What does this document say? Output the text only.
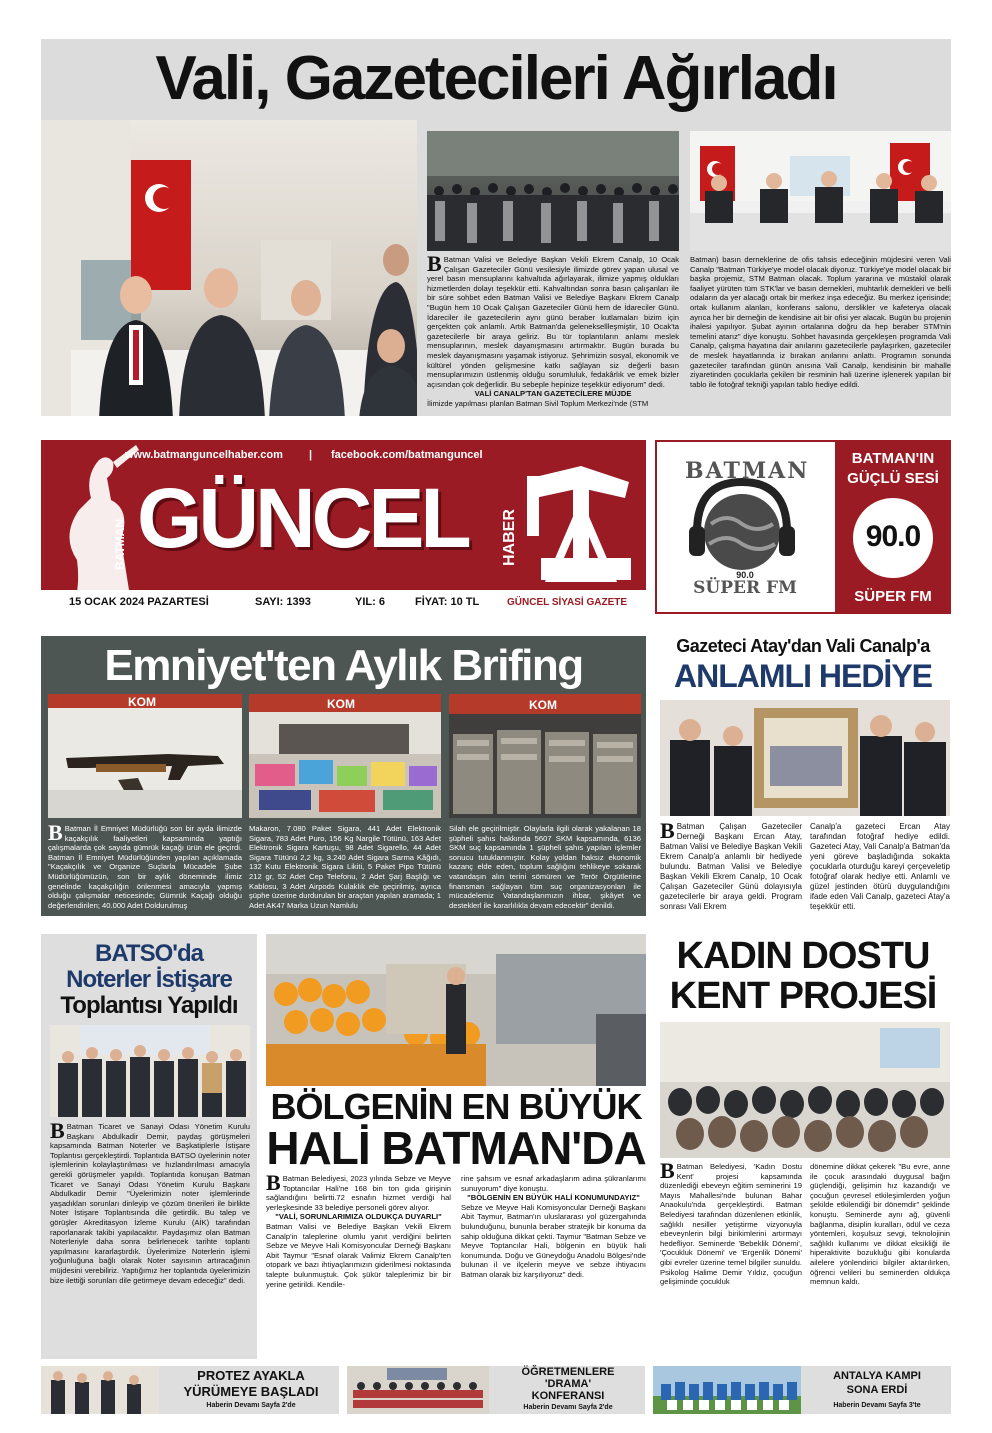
Vali, Gazetecileri Ağırladı
B Batman Valisi ve Belediye Başkan Vekili Ekrem Canalp, 10 Ocak Çalışan Gazeteciler Günü vesilesiyle ilimizde görev yapan ulusal ve yerel basın mensuplarını kahvaltıda ağırlayarak, ilimize yapmış oldukları hizmetlerden dolayı teşekkür etti. Kahvaltından sonra basın çalışanları ile bir süre sohbet eden Batman Valisi ve Belediye Başkanı Ekrem Canalp "Bugün hem 10 Ocak Çalışan Gazeteciler Günü hem de İdareciler Günü. İdareciler ile gazetecilerin aynı günü beraber kutlamaları bizim için gerçekten çok anlamlı. Artık Batman'da geleneksellleşmiştir, 10 Ocak'ta gazetecilerle bir araya geliriz. Bu tür toplantıların anlamı meslek mensuplarının, meslek dayanışmasını artırmaktır. Bugün burada bu meslek dayanışmasını yaşamak istiyoruz. Şehrimizin sosyal, ekonomik ve kültürel yönden gelişmesine katkı sağlayan siz değerli basın mensuplarımızın üstlenmiş olduğu sorumluluk, fedakârlık ve emek bizler açısından çok değerlidir. Bu sebeple hepinize teşekkür ediyorum" dedi.
VALİ CANALP'TAN GAZETECİLERE MÜJDE
İlimizde yapılması planlan Batman Sivil Toplum Merkezi'nde (STM
Batman) basın derneklerine de ofis tahsis edeceğinin müjdesini veren Vali Canalp "Batman Türkiye'ye model olacak diyoruz. Türkiye'ye model olacak bir başka projemiz, STM Batman olacak. Toplum yararına ve müstakil olarak faaliyet yürüten tüm STK'lar ve basın dernekleri, muhtarlık dernekleri ve belli odaların da yer alacağı ortak bir merkez inşa edeceğiz. Bu merkez içerisinde; ortak kullanım alanları, konferans salonu, derslikler ve kafeterya olacak ayrıca her bir derneğin de kendisine ait bir ofisi yer alacak. Bugün bu projenin ihalesi yapılıyor. Şubat ayının ortalarına doğru da hep beraber STM'nin temelini atarız" diye konuştu. Sohbet havasında gerçekleşen programda Vali Canalp, çalışma hayatına dair anılarını gazetecilerle paylaşırken, gazeteciler de meslek hayatlarında iz bırakan anılarını anlattı. Programın sonunda gazeteciler tarafından günün anısına Vali Canalp, kendisinin bir mahalle ziyaretinden çocuklarla çekilen bir resminin hali üzerine işlenerek yapılan bir tablo ile fotoğraf tekniği yapılan tablo hediye edildi.
www.batmanguncelhaber.com | facebook.com/batmanguncel
BATMAN GÜNCEL HABER
15 OCAK 2024 PAZARTESİ	SAYI: 1393	YIL: 6	FİYAT: 10 TL	GÜNCEL SİYASİ GAZETE
BATMAN
90.0
SÜPER FM
BATMAN'IN
GÜÇLÜ SESİ
90.0
SÜPER FM
Emniyet'ten Aylık Brifing
KOM	KOM	KOM
B Batman İl Emniyet Müdürlüğü son bir ayda ilimizde kaçakçılık faaliyetleri kapsamında yaptığı çalışmalarda çok sayıda gümrük kaçağı ürün ele geçirdi. Batman İl Emniyet Müdürlüğünden yapılan açıklamada "Kaçakçılık ve Organize Suçlarla Mücadele Şube Müdürlüğümüzün, son bir aylık döneminde ilimiz genelinde kaçakçılığın önlenmesi amacıyla yapmış olduğu çalışmalar neticesinde; Gümrük Kaçağı olduğu değerlendirilen; 40.000 Adet Doldurulmuş
Makaron, 7.080 Paket Sigara, 441 Adet Elektronik Sigara, 783 Adet Puro, 156 Kg Nargile Tütünü, 163 Adet Elektronik Sigara Kartuşu, 98 Adet Sigarello, 44 Adet Sigara Tütünü 2,2 kg, 3.240 Adet Sigara Sarma Kâğıdı, 132 Kutu Elektronik Sigara Likiti, 5 Paket Pipo Tütünü 212 gr, 52 Adet Cep Telefonu, 2 Adet Şarj Başlığı ve Kablosu, 3 Adet Airpods Kulaklık ele geçirilmiş, ayrıca şüphe üzerine durdurulan bir araçtan yapılan aramada; 1 Adet AK47 Marka Uzun Namlulu
Silah ele geçirilmiştir. Olaylarla ilgili olarak yakalanan 18 şüpheli şahıs hakkında 5607 SKM kapsamında, 6136 SKM suç kapsamında 1 şüpheli şahıs yapılan işlemler sonucu tutuklanmıştır. Kolay yoldan haksız ekonomik kazanç elde eden, toplum sağlığını tehlikeye sokarak vatandaşın alın terini sömüren ve Terör Örgütlerine finansman sağlayan tüm suç organizasyonları ile mücadelemiz Vatandaşlarımızın ihbar, şikâyet ve desteklerl ile kararlılıkla devam edecektir" denildi.
Gazeteci Atay'dan Vali Canalp'a
ANLAMLI HEDİYE
B Batman Çalışan Gazeteciler Derneği Başkanı Ercan Atay, Batman Valisi ve Belediye Başkan Vekili Ekrem Canalp'a anlamlı bir hediyede bulundu. Batman Valisi ve Belediye Başkan Vekili Ekrem Canalp, 10 Ocak Çalışan Gazeteciler Günü dolayısıyla gazetecilerle bir araya geldi. Program sonrası Vali Ekrem
Canalp'a gazeteci Ercan Atay tarafından fotoğraf hediye edildi. Gazeteci Atay, Vali Canalp'a Batman'da yeni göreve başladığında sokakta çocuklarla oturduğu kareyi çerçeveletip fotoğraf olarak hediye etti. Anlamlı ve güzel jestinden ötürü duygulandığını ifade eden Vali Canalp, gazeteci Atay'a teşekkür etti.
BATSO'da
Noterler İstişare
Toplantısı Yapıldı
B Batman Ticaret ve Sanayi Odası Yönetim Kurulu Başkanı Abdulkadir Demir, paydaş görüşmeleri kapsamında Batman Noterler ve Başkatiplerle İstişare Toplantısı gerçekleştirdi. Toplantıda BATSO üyelerinin noter işlemlerinin kolaylaştırılması ve hızlandırılması amacıyla gerekli görüşmeler yapıldı. Toplantıda konuşan Batman Ticaret ve Sanayi Odası Yönetim Kurulu Başkanı Abdulkadir Demir "Üyelerimizin noter işlemlerinde yaşadıkları sorunları dinleyip ve çözüm önerileri ile birlikte Noter İstişare Toplantısında dile getirdik. Bu talep ve görüşler Akreditasyon İzleme Kurulu (AİK) tarafından raporlanarak takibi yapılacaktır. Paydaşımız olan Batman Noterleriyle daha sonra belirlenecek tarihte toplantı yapılmasını kararlaştırdık. Üyelerimize Noterlerin işlemi yoğunluğuna bağlı olarak Noter sayısının artıracağının müjdesini verebiliriz. Yaptığımız her toplantıda üyelerimizin bize ilettiği sorunları dile getirmeye devam edeceğiz" dedi.
BÖLGENİN EN BÜYÜK
HALİ BATMAN'DA
B Batman Belediyesi, 2023 yılında Sebze ve Meyve Toptancılar Hali'ne 168 bin ton gıda girişinin sağlandığını belirtti.72 esnafın hizmet verdiği hal yerleşkesinde 33 belediye personeli görev alıyor.
"VALİ, SORUNLARIMIZA OLDUKÇA DUYARLI"
Batman Valisi ve Belediye Başkan Vekili Ekrem Canalp'in taleplerine olumlu yanıt verdiğini belirten Sebze ve Meyve Hali Komisyoncular Derneği Başkanı Abit Taymur "Esnaf olarak Valimiz Ekrem Canalp'ten otopark ve bazı ihtiyaçlarımızın giderilmesi noktasında talepte bulunmuştuk. Çok şükür taleplerimiz bir bir yerine getirildi. Kendile-
rine şahsım ve esnaf arkadaşlarım adına şükranlarımı sunuyorum" diye konuştu.
"BÖLGENİN EN BÜYÜK HALİ KONUMUNDAYIZ"
Sebze ve Meyve Hali Komisyoncular Derneği Başkanı Abit Taymur, Batman'ın uluslararası yol güzergahında bulunduğunu, bununla beraber stratejik bir konuma da sahip olduğuna dikkat çekti. Taymur "Batman Sebze ve Meyve Toptancılar Hali, bölgenin en büyük hali konumunda. Doğu ve Güneydoğu Anadolu Bölgesi'nde bulunan il ve ilçelerin meyve ve sebze ihtiyacını Batman olarak biz karşılıyoruz" dedi.
KADIN DOSTU
KENT PROJESİ
B Batman Belediyesi, 'Kadın Dostu Kent' projesi kapsamında düzenlediği ebeveyn eğitim seminerini 19 Mayıs Mahallesi'nde bulunan Bahar Anaokulu'nda gerçekleştirdi. Batman Belediyesi tarafından düzenlenen etkinlik, sağlıklı nesiller yetiştirme vizyonuyla ebeveynlerin bilgi birikimlerini artırmayı hedefliyor. Seminerde 'Bebeklik Dönemi', 'Çocukluk Dönemi' ve 'Ergenlik Dönemi' gibi evreler üzerine temel bilgiler sunuldu. Psikolog Halime Demir Yıldız, çocuğun gelişiminde çocukluk
dönemine dikkat çekerek "Bu evre, anne ile çocuk arasındaki duygusal bağın güçlendiği, gelişimin hız kazandığı ve çocuğun çevresel etkileşimlerden yoğun şekilde etkilendiği bir dönemdir" şeklinde konuştu. Seminerde aynı ağ, güvenli bağlanma, disiplin kuralları, ödül ve ceza yöntemleri, koşulsuz sevgi, teknolojinin sağlıklı kullanımı ve dikkat eksikliği ile hiperaktivite bozukluğu gibi konularda ailelere yönlendirici bilgiler aktarılırken, öğrenci velileri bu seminerden oldukça memnun kaldı.
PROTEZ AYAKLA
YÜRÜMEYE BAŞLADI
Haberin Devamı Sayfa 2'de
ÖĞRETMENLERE
'DRAMA'
KONFERANSI
Haberin Devamı Sayfa 2'de
ANTALYA KAMPI
SONA ERDİ
Haberin Devamı Sayfa 3'te
